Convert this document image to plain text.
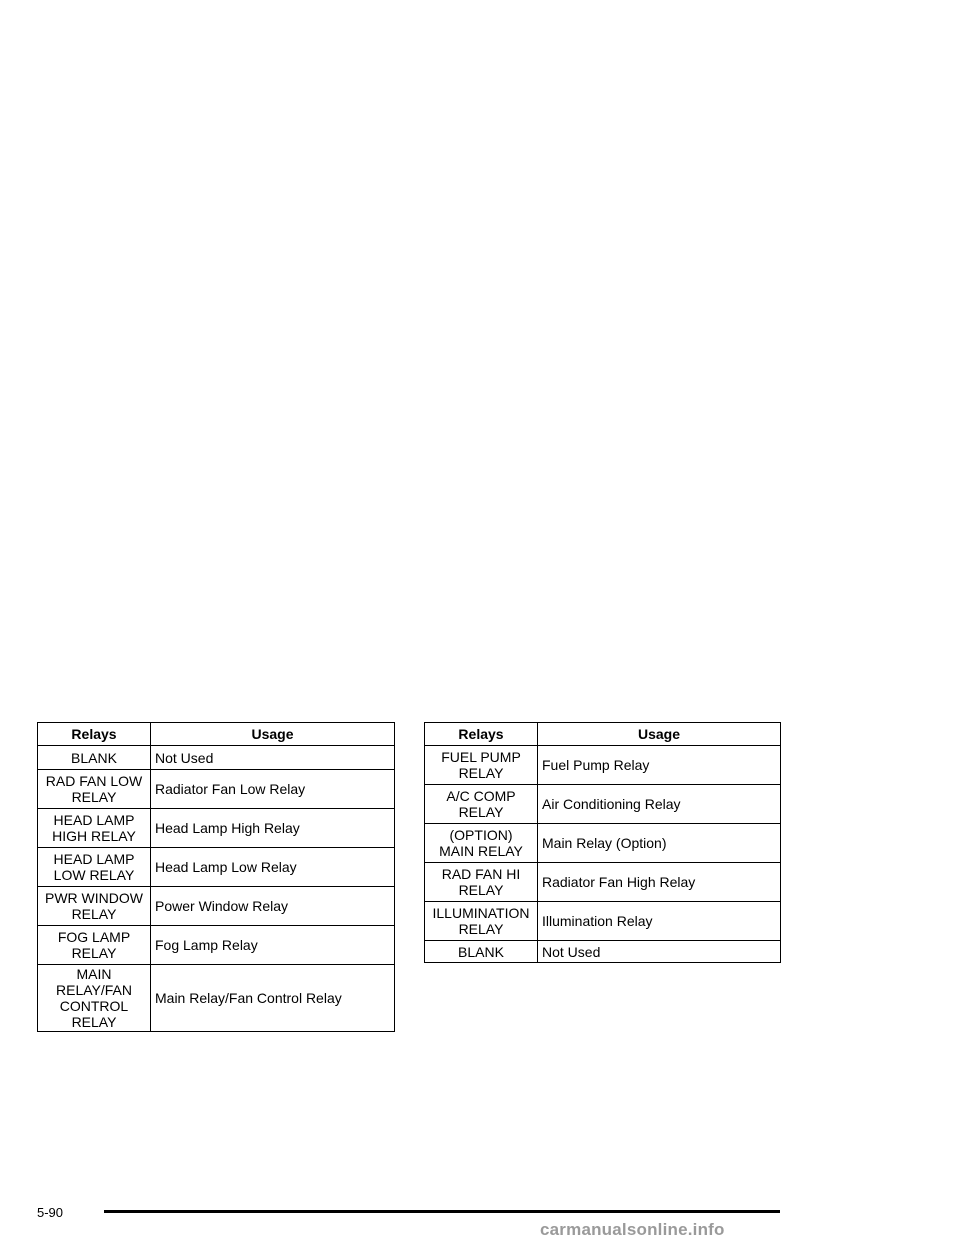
Relays	Usage
BLANK	Not Used
RAD FAN LOW
RELAY	Radiator Fan Low Relay
HEAD LAMP
HIGH RELAY	Head Lamp High Relay
HEAD LAMP
LOW RELAY	Head Lamp Low Relay
PWR WINDOW
RELAY	Power Window Relay
FOG LAMP
RELAY	Fog Lamp Relay
MAIN
RELAY/FAN
CONTROL
RELAY	Main Relay/Fan Control Relay
Relays	Usage
FUEL PUMP
RELAY	Fuel Pump Relay
A/C COMP
RELAY	Air Conditioning Relay
(OPTION)
MAIN RELAY	Main Relay (Option)
RAD FAN HI
RELAY	Radiator Fan High Relay
ILLUMINATION
RELAY	Illumination Relay
BLANK	Not Used
5-90
carmanualsonline.info
